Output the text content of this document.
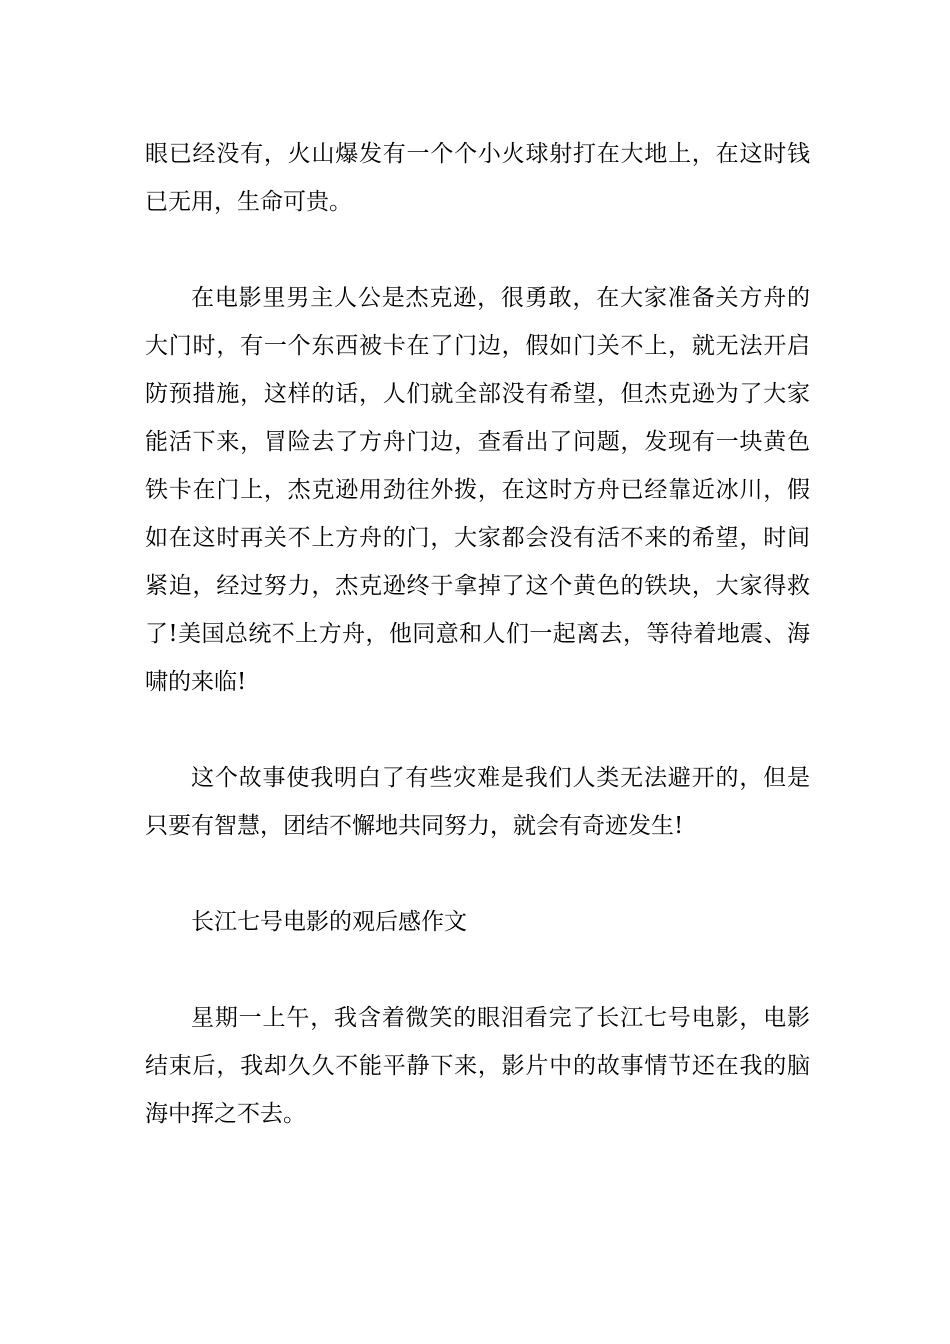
眼已经没有，火山爆发有一个个小火球射打在大地上，在这时钱已无用，生命可贵。

在电影里男主人公是杰克逊，很勇敢，在大家准备关方舟的大门时，有一个东西被卡在了门边，假如门关不上，就无法开启防预措施，这样的话，人们就全部没有希望，但杰克逊为了大家能活下来，冒险去了方舟门边，查看出了问题，发现有一块黄色铁卡在门上，杰克逊用劲往外拨，在这时方舟已经靠近冰川，假如在这时再关不上方舟的门，大家都会没有活不来的希望，时间紧迫，经过努力，杰克逊终于拿掉了这个黄色的铁块，大家得救了!美国总统不上方舟，他同意和人们一起离去，等待着地震、海啸的来临!

这个故事使我明白了有些灾难是我们人类无法避开的，但是只要有智慧，团结不懈地共同努力，就会有奇迹发生!

长江七号电影的观后感作文

星期一上午，我含着微笑的眼泪看完了长江七号电影，电影结束后，我却久久不能平静下来，影片中的故事情节还在我的脑海中挥之不去。
